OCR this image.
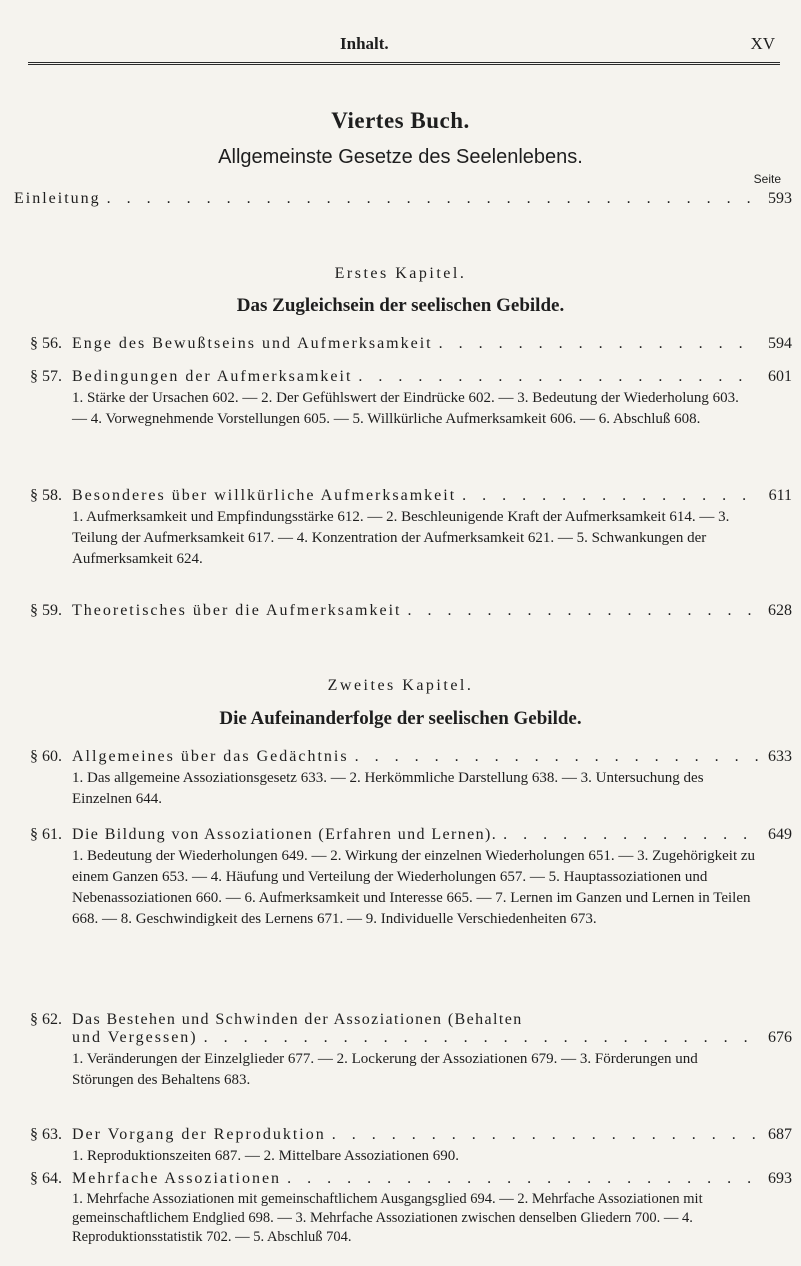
Inhalt.	XV
Viertes Buch.
Allgemeinste Gesetze des Seelenlebens.
Seite
Einleitung . . .	593
Erstes Kapitel.
Das Zugleichsein der seelischen Gebilde.
§ 56. Enge des Bewußtseins und Aufmerksamkeit . . .	594
§ 57. Bedingungen der Aufmerksamkeit . . .	601
1. Stärke der Ursachen 602. — 2. Der Gefühlswert der Eindrücke 602. — 3. Bedeutung der Wiederholung 603. — 4. Vorwegnehmende Vorstellungen 605. — 5. Willkürliche Aufmerksamkeit 606. — 6. Abschluß 608.
§ 58. Besonderes über willkürliche Aufmerksamkeit . . .	611
1. Aufmerksamkeit und Empfindungsstärke 612. — 2. Beschleunigende Kraft der Aufmerksamkeit 614. — 3. Teilung der Aufmerksamkeit 617. — 4. Konzentration der Aufmerksamkeit 621. — 5. Schwankungen der Aufmerksamkeit 624.
§ 59. Theoretisches über die Aufmerksamkeit . . .	628
Zweites Kapitel.
Die Aufeinanderfolge der seelischen Gebilde.
§ 60. Allgemeines über das Gedächtnis . . .	633
1. Das allgemeine Assoziationsgesetz 633. — 2. Herkömmliche Darstellung 638. — 3. Untersuchung des Einzelnen 644.
§ 61. Die Bildung von Assoziationen (Erfahren und Lernen). . . .	649
1. Bedeutung der Wiederholungen 649. — 2. Wirkung der einzelnen Wiederholungen 651. — 3. Zugehörigkeit zu einem Ganzen 653. — 4. Häufung und Verteilung der Wiederholungen 657. — 5. Hauptassoziationen und Nebenassoziationen 660. — 6. Aufmerksamkeit und Interesse 665. — 7. Lernen im Ganzen und Lernen in Teilen 668. — 8. Geschwindigkeit des Lernens 671. — 9. Individuelle Verschiedenheiten 673.
§ 62. Das Bestehen und Schwinden der Assoziationen (Behalten
und Vergessen) . . .	676
1. Veränderungen der Einzelglieder 677. — 2. Lockerung der Assoziationen 679. — 3. Förderungen und Störungen des Behaltens 683.
§ 63. Der Vorgang der Reproduktion . . .	687
1. Reproduktionszeiten 687. — 2. Mittelbare Assoziationen 690.
§ 64. Mehrfache Assoziationen . . .	693
1. Mehrfache Assoziationen mit gemeinschaftlichem Ausgangsglied 694. — 2. Mehrfache Assoziationen mit gemeinschaftlichem Endglied 698. — 3. Mehrfache Assoziationen zwischen denselben Gliedern 700. — 4. Reproduktionsstatistik 702. — 5. Abschluß 704.
